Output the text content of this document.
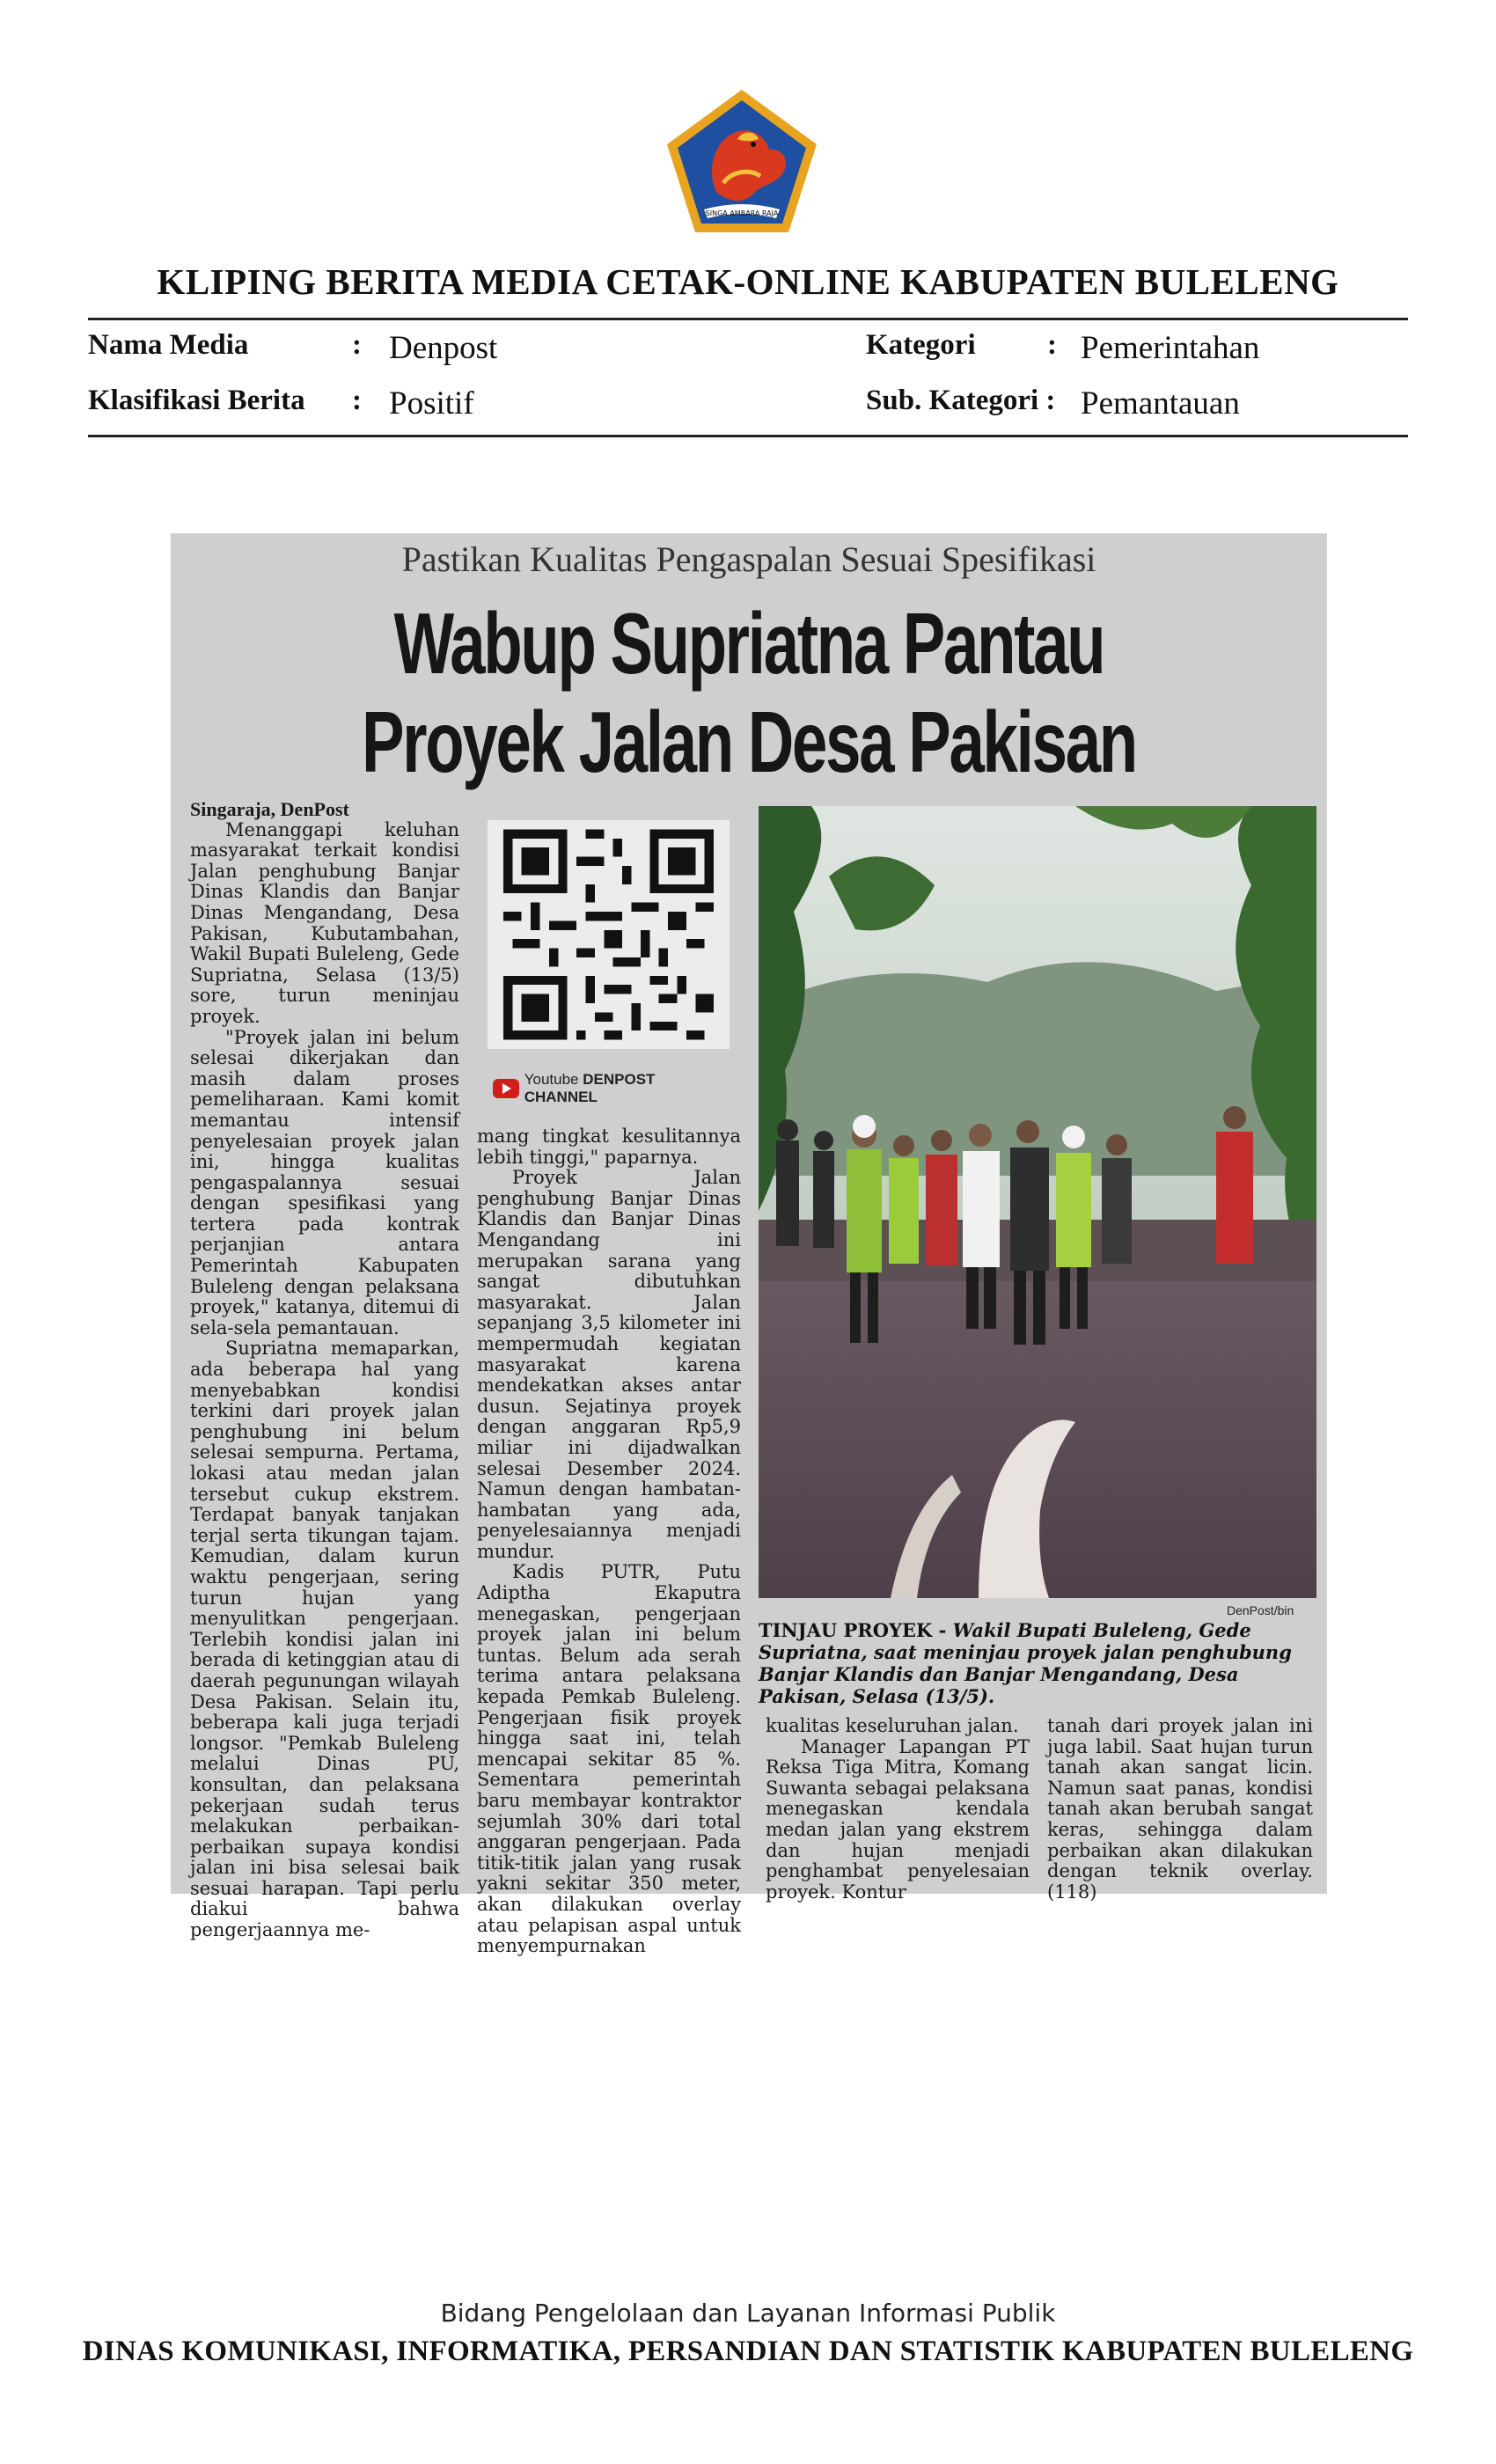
SINGA AMBARA RAJA
KLIPING BERITA MEDIA CETAK-ONLINE KABUPATEN BULELENG
Nama Media	: Denpost
Klasifikasi Berita : Positif
Kategori : Pemerintahan
Sub. Kategori : Pemantauan
Pastikan Kualitas Pengaspalan Sesuai Spesifikasi
Wabup Supriatna Pantau
Proyek Jalan Desa Pakisan

Singaraja, DenPost

Menanggapi keluhan masyarakat terkait kondisi Jalan penghubung Banjar Dinas Klandis dan Banjar Dinas Mengandang, Desa Pakisan, Kubutambahan, Wakil Bupati Buleleng, Gede Supriatna, Selasa (13/5) sore, turun meninjau proyek.

"Proyek jalan ini belum selesai dikerjakan dan masih dalam proses pemeliharaan. Kami komit memantau intensif penyelesaian proyek jalan ini, hingga kualitas pengaspalannya sesuai dengan spesifikasi yang tertera pada kontrak perjanjian antara Pemerintah Kabupaten Buleleng dengan pelaksana proyek," katanya, ditemui di sela-sela pemantauan.

Supriatna memaparkan, ada beberapa hal yang menyebabkan kondisi terkini dari proyek jalan penghubung ini belum selesai sempurna. Pertama, lokasi atau medan jalan tersebut cukup ekstrem. Terdapat banyak tanjakan terjal serta tikungan tajam. Kemudian, dalam kurun waktu pengerjaan, sering turun hujan yang menyulitkan pengerjaan. Terlebih kondisi jalan ini berada di ketinggian atau di daerah pegunungan wilayah Desa Pakisan. Selain itu, beberapa kali juga terjadi longsor. "Pemkab Buleleng melalui Dinas PU, konsultan, dan pelaksana pekerjaan sudah terus melakukan perbaikan-perbaikan supaya kondisi jalan ini bisa selesai baik sesuai harapan. Tapi perlu diakui bahwa pengerjaannya me-

Youtube DENPOST CHANNEL

mang tingkat kesulitannya lebih tinggi," paparnya.

Proyek Jalan penghubung Banjar Dinas Klandis dan Banjar Dinas Mengandang ini merupakan sarana yang sangat dibutuhkan masyarakat. Jalan sepanjang 3,5 kilometer ini mempermudah kegiatan masyarakat karena mendekatkan akses antar dusun. Sejatinya proyek dengan anggaran Rp5,9 miliar ini dijadwalkan selesai Desember 2024. Namun dengan hambatan-hambatan yang ada, penyelesaiannya menjadi mundur.

Kadis PUTR, Putu Adiptha Ekaputra menegaskan, pengerjaan proyek jalan ini belum tuntas. Belum ada serah terima antara pelaksana kepada Pemkab Buleleng. Pengerjaan fisik proyek hingga saat ini, telah mencapai sekitar 85 %. Sementara pemerintah baru membayar kontraktor sejumlah 30% dari total anggaran pengerjaan. Pada titik-titik jalan yang rusak yakni sekitar 350 meter, akan dilakukan overlay atau pelapisan aspal untuk menyempurnakan

DenPost/bin
TINJAU PROYEK - Wakil Bupati Buleleng, Gede Supriatna, saat meninjau proyek jalan penghubung Banjar Klandis dan Banjar Mengandang, Desa Pakisan, Selasa (13/5).

kualitas keseluruhan jalan.

Manager Lapangan PT Reksa Tiga Mitra, Komang Suwanta sebagai pelaksana menegaskan kendala medan jalan yang ekstrem dan hujan menjadi penghambat penyelesaian proyek. Kontur

tanah dari proyek jalan ini juga labil. Saat hujan turun tanah akan sangat licin. Namun saat panas, kondisi tanah akan berubah sangat keras, sehingga dalam perbaikan akan dilakukan dengan teknik overlay. (118)

Bidang Pengelolaan dan Layanan Informasi Publik
DINAS KOMUNIKASI, INFORMATIKA, PERSANDIAN DAN STATISTIK KABUPATEN BULELENG
